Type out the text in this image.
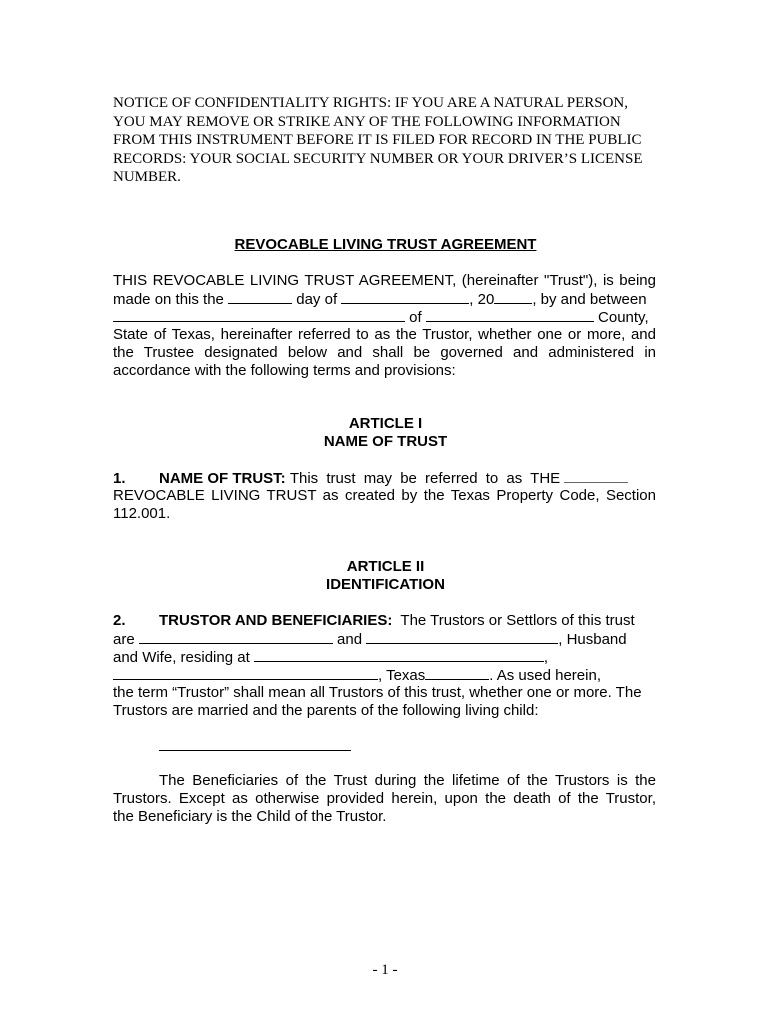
NOTICE OF CONFIDENTIALITY RIGHTS: IF YOU ARE A NATURAL PERSON,
YOU MAY REMOVE OR STRIKE ANY OF THE FOLLOWING INFORMATION
FROM THIS INSTRUMENT BEFORE IT IS FILED FOR RECORD IN THE PUBLIC
RECORDS: YOUR SOCIAL SECURITY NUMBER OR YOUR DRIVER’S LICENSE
NUMBER.
REVOCABLE LIVING TRUST AGREEMENT
THIS REVOCABLE LIVING TRUST AGREEMENT, (hereinafter "Trust"), is being
made on this the	day of	, 20	, by and between
of	County,
State of Texas, hereinafter referred to as the Trustor, whether one or more, and
the Trustee designated below and shall be governed and administered in
accordance with the following terms and provisions:
ARTICLE I
NAME OF TRUST
1. NAME OF TRUST: This trust may be referred to as THE
REVOCABLE LIVING TRUST as created by the Texas Property Code, Section
112.001.
ARTICLE II
IDENTIFICATION
2. TRUSTOR AND BENEFICIARIES: The Trustors or Settlors of this trust
are	and	, Husband
and Wife, residing at	,
, Texas	. As used herein,
the term “Trustor” shall mean all Trustors of this trust, whether one or more. The
Trustors are married and the parents of the following living child:
The Beneficiaries of the Trust during the lifetime of the Trustors is the
Trustors. Except as otherwise provided herein, upon the death of the Trustor,
the Beneficiary is the Child of the Trustor.
- 1 -
